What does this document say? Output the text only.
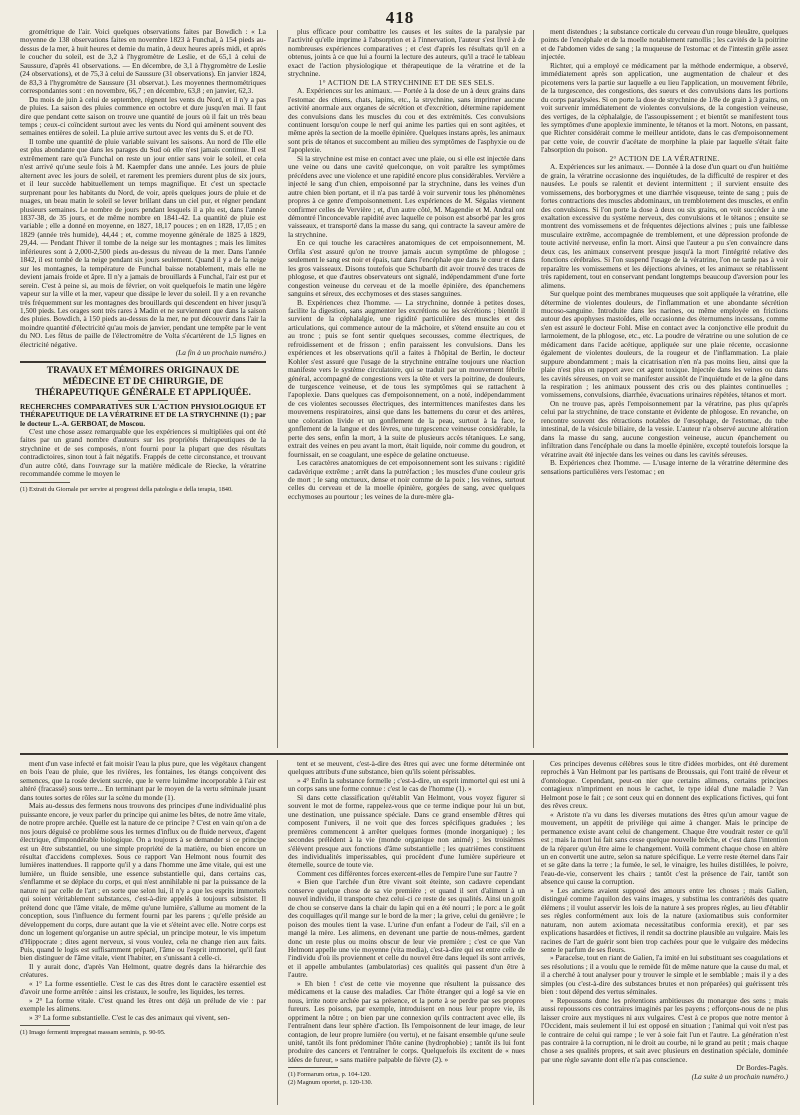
418

grométrique de l'air. Voici quelques observations faites par Bowdich : « La moyenne de 138 observations faites en novembre 1823 à Funchal, à 154 pieds au-dessus de la mer, à huit heures et demie du matin, à deux heures après midi, et après le coucher du soleil, est de 3,2 à l'hygromètre de Leslie, et de 65,1 à celui de Saussure, d'après 41 observations. — En décembre, de 3,1 à l'hygromètre de Leslie (24 observations), et de 75,3 à celui de Saussure (31 observations). En janvier 1824, de 83,3 à l'hygromètre de Saussure (31 observat.). Les moyennes thermométriques correspondantes sont : en novembre, 66,7 ; en décembre, 63,8 ; en janvier, 62,3.

Du mois de juin à celui de septembre, règnent les vents du Nord, et il n'y a pas de pluies. La saison des pluies commence en octobre et dure jusqu'en mai. Il faut dire que pendant cette saison on trouve une quantité de jours où il fait un très beau temps ; ceux-ci coïncident surtout avec les vents du Nord qui amènent souvent des semaines entières de soleil. La pluie arrive surtout avec les vents du S. et de l'O.

Il tombe une quantité de pluie variable suivant les saisons. Au nord de l'île elle est plus abondante que dans les parages du Sud où elle n'est jamais continue. Il est extrêmement rare qu'à Funchal on reste un jour entier sans voir le soleil, et cela n'est arrivé qu'une seule fois à M. Kaempfer dans une année. Les jours de pluie alternent avec les jours de soleil, et rarement les premiers durent plus de six jours, et il leur succède habituellement un temps magnifique. Et c'est un spectacle surprenant pour les habitants du Nord, de voir, après quelques jours de pluie et de nuages, un beau matin le soleil se lever brillant dans un ciel pur, et régner pendant plusieurs semaines. Le nombre de jours pendant lesquels il a plu est, dans l'année 1837-38, de 35 jours, et de même nombre en 1841-42. La quantité de pluie est variable ; elle a donné en moyenne, en 1827, 18,17 pouces ; en en 1828, 17,05 ; en 1829 (année très humide), 44,44 ; et, comme moyenne générale de 1825 à 1829, 29,44. — Pendant l'hiver il tombe de la neige sur les montagnes ; mais les limites inférieures sont à 2,000-2,500 pieds au-dessus du niveau de la mer. Dans l'année 1842, il est tombé de la neige pendant six jours seulement. Quand il y a de la neige sur les montagnes, la température de Funchal baisse notablement, mais elle ne devient jamais froide et âpre. Il n'y a jamais de brouillards à Funchal, l'air est pur et serein. C'est à peine si, au mois de février, on voit quelquefois le matin une légère vapeur sur la ville et la mer, vapeur que dissipe le lever du soleil. Il y a en revanche très fréquemment sur les montagnes des brouillards qui descendent en hiver jusqu'à 1,500 pieds. Les orages sont très rares à Madin et ne surviennent que dans la saison des pluies. Bowdich, à 150 pieds au-dessus de la mer, ne put découvrir dans l'air la moindre quantité d'électricité qu'au mois de janvier, pendant une tempête par le vent du NO. Les fêtus de paille de l'électromètre de Volta s'écartèrent de 1,5 lignes en électricité négative.

(La fin à un prochain numéro.)

TRAVAUX ET MÉMOIRES ORIGINAUX DE MÉDECINE ET DE CHIRURGIE, DE THÉRAPEUTIQUE GÉNÉRALE ET APPLIQUÉE.

RECHERCHES COMPARATIVES SUR L'ACTION PHYSIOLOGIQUE ET THÉRAPEUTIQUE DE LA VÉRATRINE ET DE LA STRYCHNINE (1) ; par le docteur L.-A. GERBOAT, de Moscou.

C'est une chose assez remarquable que les expériences si multipliées qui ont été faites par un grand nombre d'auteurs sur les propriétés thérapeutiques de la strychnine et de ses composés, n'ont fourni pour la plupart que des résultats contradictoires, sinon tout à fait négatifs. Frappés de cette circonstance, et trouvant d'un autre côté, dans l'ouvrage sur la matière médicale de Riecke, la vératrine recommandée comme le moyen le

(1) Extrait du Giornale per servire ai progressi della patologia e della terapia, 1840.

plus efficace pour combattre les causes et les suites de la paralysie par l'activité qu'elle imprime à l'absorption et à l'innervation, l'auteur s'est livré à de nombreuses expériences comparatives ; et c'est d'après les résultats qu'il en a obtenus, joints à ce que lui a fourni la lecture des auteurs, qu'il a tracé le tableau exact de l'action physiologique et thérapeutique de la vératrine et de la strychnine.

1° ACTION DE LA STRYCHNINE ET DE SES SELS.

A. Expériences sur les animaux. — Portée à la dose de un à deux grains dans l'estomac des chiens, chats, lapins, etc., la strychnine, sans imprimer aucune activité anormale aux organes de sécrétion et d'excrétion, détermine rapidement des convulsions dans les muscles du cou et des extrémités. Ces convulsions continuent lorsqu'on coupe le nerf qui anime les parties qui en sont agitées, et même après la section de la moelle épinière. Quelques instans après, les animaux sont pris de tétanos et succombent au milieu des symptômes de l'asphyxie ou de l'apoplexie.

Si la strychnine est mise en contact avec une plaie, ou si elle est injectée dans une veine ou dans une cavité quelconque, on voit paraître les symptômes précédens avec une violence et une rapidité encore plus considérables. Vervière a injecté le sang d'un chien, empoisonné par la strychnine, dans les veines d'un autre chien bien portant, et il n'a pas tardé à voir survenir tous les phénomènes propres à ce genre d'empoisonnement. Les expériences de M. Ségalas viennent confirmer celles de Vervière ; et, d'un autre côté, M. Magendie et M. Andral ont démontré l'inconcevable rapidité avec laquelle ce poison est absorbé par les gros vaisseaux, et transporté dans la masse du sang, qui contracte la saveur amère de la strychnine.

En ce qui touche les caractères anatomiques de cet empoisonnement, M. Orfila s'est assuré qu'on ne trouve jamais aucun symptôme de phlogose ; seulement le sang est noir et épais, tant dans l'encéphale que dans le cœur et dans les gros vaisseaux. Disons toutefois que Schubarth dit avoir trouvé des traces de phlogose, et que d'autres observateurs ont signalé, indépendamment d'une forte congestion veineuse du cerveau et de la moelle épinière, des épanchemens sanguins et séreux, des ecchymoses et des stases sanguines.

B. Expériences chez l'homme. — La strychnine, donnée à petites doses, facilite la digestion, sans augmenter les excrétions ou les sécrétions ; bientôt il survient de la céphalalgie, une rigidité particulière des muscles et des articulations, qui commence autour de la mâchoire, et s'étend ensuite au cou et au tronc ; puis se font sentir quelques secousses, comme électriques, de refroidissement et de frisson ; enfin paraissent les convulsions. Dans les expériences et les observations qu'il a faites à l'hôpital de Berlin, le docteur Kohler s'est assuré que l'usage de la strychnine entraîne toujours une réaction manifeste vers le système circulatoire, qui se traduit par un mouvement fébrile général, accompagné de congestions vers la tête et vers la poitrine, de douleurs, de turgescence veineuse, et de tous les symptômes qui se rattachent à l'apoplexie. Dans quelques cas d'empoisonnement, on a noté, indépendamment de ces violentes secousses électriques, des intermittences manifestes dans les mouvemens respiratoires, ainsi que dans les battemens du cœur et des artères, une coloration livide et un gonflement de la peau, surtout à la face, le gonflement de la langue et des lèvres, une turgescence veineuse considérable, la perte des sens, enfin la mort, à la suite de plusieurs accès tétaniques. Le sang, extrait des veines en peu avant la mort, était liquide, noir comme du goudron, et fournissait, en se coagulant, une espèce de gelatine onctueuse.

Les caractères anatomiques de cet empoisonnement sont les suivans : rigidité cadavérique extrême ; arrêt dans la putréfaction ; les muscles d'une couleur gris de mort ; le sang onctueux, dense et noir comme de la poix ; les veines, surtout celles du cerveau et de la moelle épinière, gorgées de sang, avec quelques ecchymoses au pourtour ; les veines de la dure-mère gla-

ment distendues ; la substance corticale du cerveau d'un rouge bleuâtre, quelques points de l'encéphale et de la moelle notablement ramollis ; les cavités de la poitrine et de l'abdomen vides de sang ; la muqueuse de l'estomac et de l'intestin grêle assez injectée.

Richter, qui a employé ce médicament par la méthode endermique, a observé, immédiatement après son application, une augmentation de chaleur et des picotemens vers la partie sur laquelle a eu lieu l'application, un mouvement fébrile, de la turgescence, des congestions, des sueurs et des convulsions dans les portions du corps paralysées. Si on porte la dose de strychnine de 1/8e de grain à 3 grains, on voit survenir immédiatement de violentes convulsions, de la congestion veineuse, des vertiges, de la céphalalgie, de l'assoupissement ; et bientôt se manifestent tous les symptômes d'une apoplexie imminente, le tétanos et la mort. Notons, en passant, que Richter considérait comme le meilleur antidote, dans le cas d'empoisonnement par cette voie, de couvrir d'acétate de morphine la plaie par laquelle s'était faite l'absorption du poison.

2° ACTION DE LA VÉRATRINE.

A. Expériences sur les animaux. — Donnée à la dose d'un quart ou d'un huitième de grain, la vératrine occasionne des inquiétudes, de la difficulté de respirer et des nausées. Le pouls se ralentit et devient intermittent ; il survient ensuite des vomissemens, des borborygmes et une diarrhée visqueuse, teinte de sang ; puis de fortes contractions des muscles abdominaux, un tremblotement des muscles, et enfin des convulsions. Si l'on porte la dose à deux ou six grains, on voit succéder à une exaltation excessive du système nerveux, des convulsions et le tétanos ; ensuite se montrent des vomissemens et de fréquentes déjections alvines ; puis une faiblesse musculaire extrême, accompagnée de tremblement, et une dépression profonde de toute activité nerveuse, enfin la mort. Ainsi que l'auteur a pu s'en convaincre dans deux cas, les animaux conservent presque jusqu'à la mort l'intégrité relative des fonctions cérébrales. Si l'on suspend l'usage de la vératrine, l'on ne tarde pas à voir reparaître les vomissemens et les déjections alvines, et les animaux se rétablissent très rapidement, tout en conservant pendant longtemps beaucoup d'aversion pour les alimens.

Sur quelque point des membranes muqueuses que soit appliquée la vératrine, elle détermine de violentes douleurs, de l'inflammation et une abondante sécrétion mucoso-sanguine. Introduite dans les narines, ou même employée en frictions autour des apophyses mastoïdes, elle occasionne des éternumens incessans, comme s'en est assuré le docteur Fohl. Mise en contact avec la conjonctive elle produit du larmoiement, de la phlogose, etc., etc. La poudre de vératrine ou une solution de ce médicament dans l'acide acétique, appliquée sur une plaie récente, occasionne également de violentes douleurs, de la rougeur et de l'inflammation. La plaie suppure abondamment ; mais la cicatrisation n'en n'a pas moins lieu, ainsi que la plaie n'est plus en rapport avec cet agent toxique. Injectée dans les veines ou dans les cavités séreuses, on voit se manifester aussitôt de l'inquiétude et de la gêne dans la respiration ; les animaux poussent des cris ou des plaintes continuelles ; vomissemens, convulsions, diarrhée, évacuations urinaires répétées, tétanos et mort.

On ne trouve pas, après l'empoisonnement par la vératrine, pas plus qu'après celui par la strychnine, de trace constante et évidente de phlogose. En revanche, on rencontre souvent des rétractions notables de l'œsophage, de l'estomac, du tube intestinal, de la vésicule biliaire, de la vessie. L'auteur n'a observé aucune altération dans la masse du sang, aucune congestion veineuse, aucun épanchement ou infiltration dans l'encéphale ou dans la moelle épinière, excepté toutefois lorsque la vératrine avait été injectée dans les veines ou dans les cavités séreuses.

B. Expériences chez l'homme. — L'usage interne de la vératrine détermine des sensations particulières vers l'estomac ; en

ment d'un vase infecté et fait moisir l'eau la plus pure, que les végétaux changent en bois l'eau de pluie, que les rivières, les fontaines, les étangs conçoivent des semences, que la rosée devient sucrée, que le verre luimême incorporable à l'air est altéré (fracassé) sous terre... En terminant par le moyen de la vertu séminale jusant dans toutes sortes de rôles sur la scène du monde (1).

Mais au-dessus des fermens nous trouvons des principes d'une individualité plus puissante encore, je veux parler du principe qui anime les bêtes, de notre âme vitale, de notre propre archée. Quelle est la nature de ce principe ? C'est en vain qu'on a de nos jours déguisé ce problème sous les termes d'influx ou de fluide nerveux, d'agent électrique, d'impondérable biologique. On a toujours à se demander si ce principe est un être substantiel, ou une simple propriété de la matière, ou bien encore un résultat d'accidens complexes. Sous ce rapport Van Helmont nous fournit des lumières inattendues. Il rapporte qu'il y a dans l'homme une âme vitale, qui est une lumière, un fluide sensible, une essence substantielle qui, dans certains cas, s'enflamme et se déplace du corps, et qui n'est annihilable ni par la puissance de la nature ni par celle de l'art ; en sorte que selon lui, il n'y a que les esprits immortels qui soient véritablement substances, c'est-à-dire appelés à toujours subsister. Il prétend donc que l'âme vitale, de même qu'une lumière, s'allume au moment de la conception, sous l'influence du ferment fourni par les parens ; qu'elle préside au développement du corps, dure autant que la vie et s'éteint avec elle. Notre corps est donc un logement qu'organise un autre spécial, un principe moteur, le vis impetum d'Hippocrate ; dites agent nerveux, si vous voulez, cela ne change rien aux faits. Puis, quand le logis est suffisamment préparé, l'âme ou l'esprit immortel, qu'il faut bien distinguer de l'âme vitale, vient l'habiter, en s'unissant à celle-ci.

Il y aurait donc, d'après Van Helmont, quatre degrés dans la hiérarchie des créatures.

« 1° La forme essentielle. C'est le cas des êtres dont le caractère essentiel est d'avoir une forme arrêtée : ainsi les cristaux, le soufre, les liquides, les terres.

» 2° La forme vitale. C'est quand les êtres ont déjà un prélude de vie : par exemple les alimens.

» 3° La forme substantielle. C'est le cas des animaux qui vivent, sen-

(1) Imago fermenti impregnat massam seminis, p. 90-95.

tent et se meuvent, c'est-à-dire des êtres qui avec une forme déterminée ont quelques attributs d'une substance, bien qu'ils soient périssables.

» 4° Enfin la substance formelle ; c'est-à-dire, un esprit immortel qui est uni à un corps sans une forme connue : c'est le cas de l'homme (1). »

Si dans cette classification qu'établit Van Helmont, vous voyez figurer si souvent le mot de forme, rappelez-vous que ce terme indique pour lui un but, une destination, une puissance spéciale. Dans ce grand ensemble d'êtres qui composent l'univers, il ne voit que des forces spécifiques graduées ; les premières commencent à arrêter quelques formes (monde inorganique) ; les secondes prélèdent à la vie (monde organique non animé) ; les troisièmes s'élèvent presque aux fonctions d'âme substantielle ; les quatrièmes constituent des individualités imperissables, qui procèdent d'une lumière supérieure et éternelle, source de toute vie.

Comment ces différentes forces exercent-elles de l'empire l'une sur l'autre ?

« Bien que l'archée d'un être vivant soit éteinte, son cadavre cependant conserve quelque chose de sa vie première ; et quand il sert d'aliment à un nouvel individu, il transporte chez celui-ci ce reste de ses qualités. Ainsi un goût de chou se conserve dans la chair du lapin qui en a été nourri ; le porc a le goût des coquillages qu'il mange sur le bord de la mer ; la grive, celui du genièvre ; le poison des moules tient la vase. L'urine d'un enfant a l'odeur de l'ail, s'il en a mangé la mère. Les alimens, en devenant une partie de nous-mêmes, gardent donc un reste plus ou moins obscur de leur vie première ; c'est ce que Van Helmont appelle une vie moyenne (vita media), c'est-à-dire qui est entre celle de l'individu d'où ils proviennent et celle du nouvel être dans lequel ils sont arrivés, et il appelle ambulantes (ambulatorias) ces qualités qui passent d'un être à l'autre.

» Eh bien ! c'est de cette vie moyenne que résultent la puissance des médicamens et la cause des maladies. Car l'hôte étranger qui a logé sa vie en nous, irrite notre archée par sa présence, et la porte à se perdre par ses propres fureurs. Les poisons, par exemple, introduisent en nous leur propre vie, ils oppriment la nôtre ; on bien par une connexion qu'ils contractent avec elle, ils l'entraînent dans leur sphère d'action. Ils l'empoisonnent de leur image, de leur contagion, de leur propre lumière (ou vertu), et ne faisant ensemble qu'une seule unité, tantôt ils font prédominer l'hôte canine (hydrophobie) ; tantôt ils lui font produire des cancers et l'entraîner le corps. Quelquefois ils excitent de « nues idées de fureur, » sans matière palpable de fièvre (2). »

(1) Formarum ortus, p. 104-120.

(2) Magnum oportet, p. 120-130.

Ces principes devenus célèbres sous le titre d'idées morbides, ont été durement reprochés à Van Helmont par les partisans de Broussais, qui l'ont traité de rêveur et d'ontologue. Cependant, peut-on nier que certains alimens, certains principes contagieux n'impriment en nous le cachet, le type idéal d'une maladie ? Van Helmont pose le fait ; ce sont ceux qui en donnent des explications fictives, qui font des rêves creux.

« Aristote n'a vu dans les diverses mutations des êtres qu'un amour vague de mouvement, un appétit de privilège qui aime à changer. Mais le principe de permanence existe avant celui de changement. Chaque être voudrait rester ce qu'il est ; mais la mort lui fait sans cesse quelque nouvelle brèche, et c'est dans l'intention de la réparer qu'un être aime le changement. Voilà comment chaque chose en altère un en convertit une autre, selon sa nature spécifique. Le verre reste éternel dans l'air et se gâte dans la terre ; la fumée, le sel, le vinaigre, les huiles distillées, le poivre, l'eau-de-vie, conservent les chairs ; tantôt c'est la présence de l'air, tantôt son absence qui cause la corruption.

» Les anciens avaient supposé des amours entre les choses ; mais Galien, distingué comme l'aquilon des vains images, y substitua les contrariétés des quatre élémens ; il voulut asservir les lois de la nature à ses propres règles, au lieu d'établir ses règles conformément aux lois de la nature (axiomatibus suis conformiter naturam, non autem axiomata necessitatibus conformia erexit), et par ses explications hasardées et fictives, il rendit sa doctrine plausible au vulgaire. Mais les racines de l'art de guérir sont bien trop cachées pour que le vulgaire des médecins sente le parfum de ses fleurs.

» Paracelse, tout en riant de Galien, l'a imité en lui substituant ses coagulations et ses résolutions ; il a voulu que le remède fût de même nature que la cause du mal, et il a cherché à tout analyser pour y trouver le simple et le semblable ; mais il y a des simples (ou c'est-à-dire des substances brutes et non préparées) qui guérissent très bien : tout dépend des vertus séminales.

» Repoussons donc les prétentions ambitieuses du monarque des sens ; mais aussi repoussons ces contraires imaginés par les payens ; efforçons-nous de ne plus laisser croire aux mystiques ni aux vulgaires. C'est à ce propos que notre mentor à l'Occident, mais seulement il lui est opposé en situation ; l'animal qui voit n'est pas le contraire de celui qui rampe ; le ver à soie fait l'un et l'autre. La génération n'est pas contraire à la corruption, ni le droit au courbe, ni le grand au petit ; mais chaque chose a ses qualités propres, et sait avec plusieurs en destination spéciale, dominée par une règle savante dont elle n'a pas conscience.

Dr Bordes-Pagès.

(La suite à un prochain numéro.)
